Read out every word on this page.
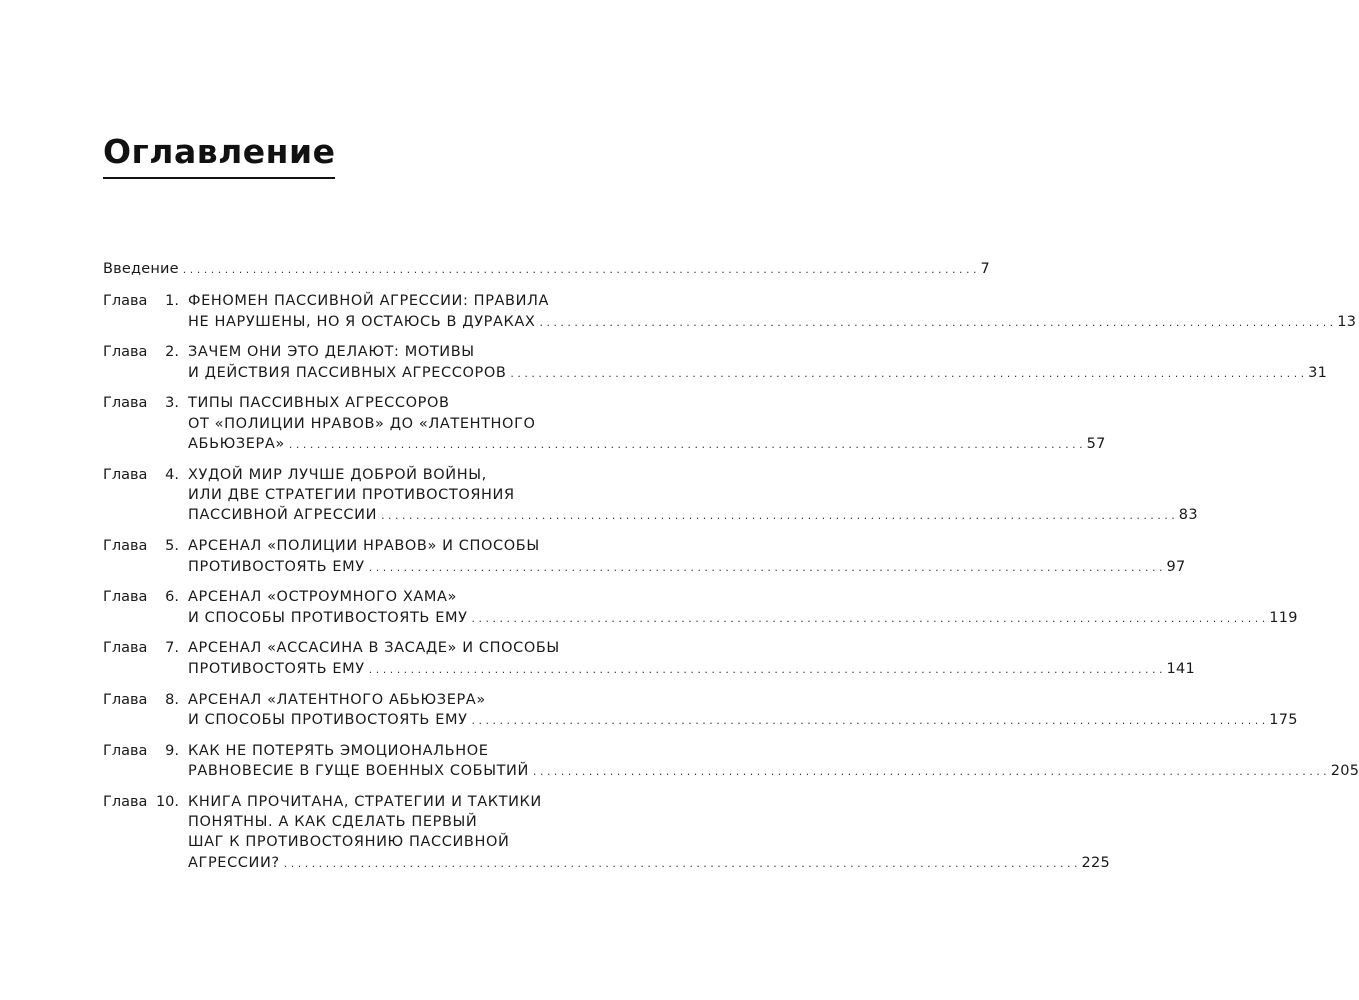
Оглавление
Введение . . .	7
Глава 1. ФЕНОМЕН ПАССИВНОЙ АГРЕССИИ: ПРАВИЛА
НЕ НАРУШЕНЫ, НО Я ОСТАЮСЬ В ДУРАКАХ . . .	13
Глава 2. ЗАЧЕМ ОНИ ЭТО ДЕЛАЮТ: МОТИВЫ
И ДЕЙСТВИЯ ПАССИВНЫХ АГРЕССОРОВ . . .	31
Глава 3. ТИПЫ ПАССИВНЫХ АГРЕССОРОВ
ОТ «ПОЛИЦИИ НРАВОВ» ДО «ЛАТЕНТНОГО
АБЬЮЗЕРА» . . .	57
Глава 4. ХУДОЙ МИР ЛУЧШЕ ДОБРОЙ ВОЙНЫ,
ИЛИ ДВЕ СТРАТЕГИИ ПРОТИВОСТОЯНИЯ
ПАССИВНОЙ АГРЕССИИ . . .	83
Глава 5. АРСЕНАЛ «ПОЛИЦИИ НРАВОВ» И СПОСОБЫ
ПРОТИВОСТОЯТЬ ЕМУ . . .	97
Глава 6. АРСЕНАЛ «ОСТРОУМНОГО ХАМА»
И СПОСОБЫ ПРОТИВОСТОЯТЬ ЕМУ . . .	119
Глава 7. АРСЕНАЛ «АССАСИНА В ЗАСАДЕ» И СПОСОБЫ
ПРОТИВОСТОЯТЬ ЕМУ . . .	141
Глава 8. АРСЕНАЛ «ЛАТЕНТНОГО АБЬЮЗЕРА»
И СПОСОБЫ ПРОТИВОСТОЯТЬ ЕМУ . . .	175
Глава 9. КАК НЕ ПОТЕРЯТЬ ЭМОЦИОНАЛЬНОЕ
РАВНОВЕСИЕ В ГУЩЕ ВОЕННЫХ СОБЫТИЙ . . .	205
Глава 10. КНИГА ПРОЧИТАНА, СТРАТЕГИИ И ТАКТИКИ
ПОНЯТНЫ. А КАК СДЕЛАТЬ ПЕРВЫЙ
ШАГ К ПРОТИВОСТОЯНИЮ ПАССИВНОЙ
АГРЕССИИ? . . .	225
